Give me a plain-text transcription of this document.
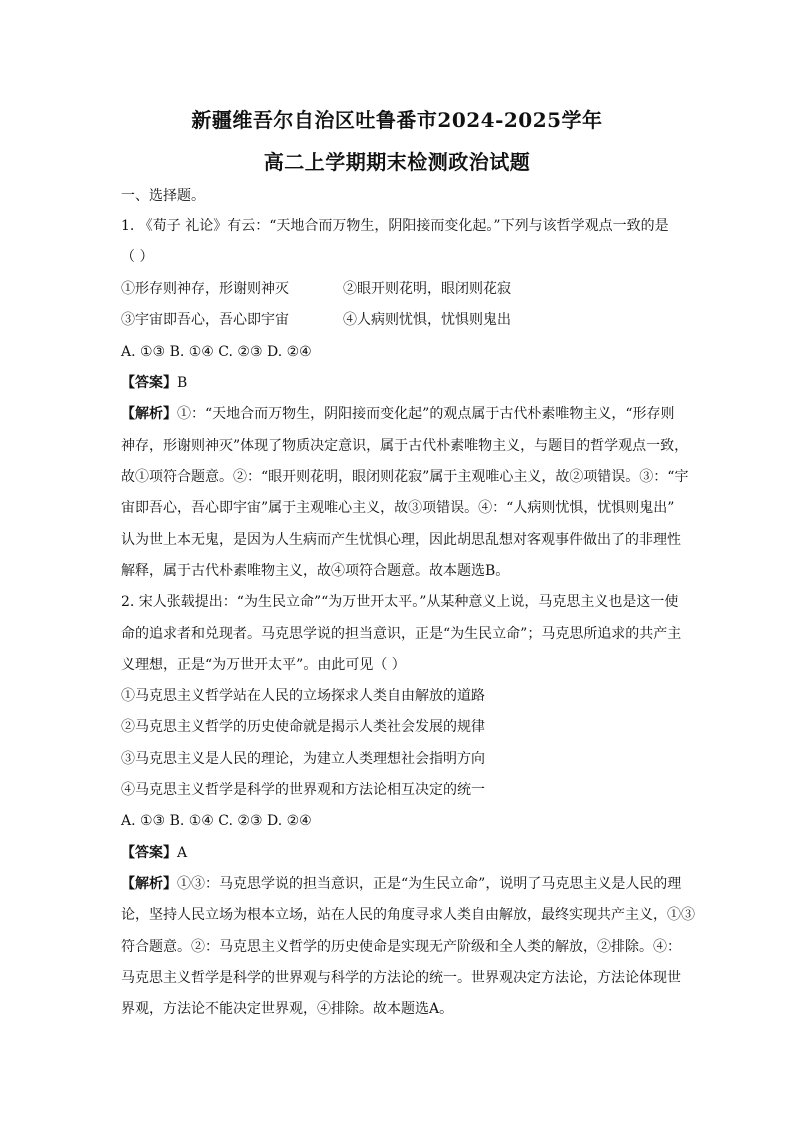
新疆维吾尔自治区吐鲁番市2024-2025学年
高二上学期期末检测政治试题
一、选择题。
1. 《荀子 礼论》有云：“天地合而万物生，阴阳接而变化起。”下列与该哲学观点一致的是
（ ）
①形存则神存，形谢则神灭	②眼开则花明，眼闭则花寂
③宇宙即吾心，吾心即宇宙	④人病则忧惧，忧惧则鬼出
A. ①③ B. ①④ C. ②③ D. ②④
【答案】B
【解析】①：“天地合而万物生，阴阳接而变化起”的观点属于古代朴素唯物主义，“形存则
神存，形谢则神灭”体现了物质决定意识，属于古代朴素唯物主义，与题目的哲学观点一致，
故①项符合题意。②：“眼开则花明，眼闭则花寂”属于主观唯心主义，故②项错误。③：“宇
宙即吾心，吾心即宇宙”属于主观唯心主义，故③项错误。④：“人病则忧惧，忧惧则鬼出”
认为世上本无鬼，是因为人生病而产生忧惧心理，因此胡思乱想对客观事件做出了的非理性
解释，属于古代朴素唯物主义，故④项符合题意。故本题选B。
2. 宋人张载提出：“为生民立命”“为万世开太平。”从某种意义上说，马克思主义也是这一使
命的追求者和兑现者。马克思学说的担当意识，正是“为生民立命”；马克思所追求的共产主
义理想，正是“为万世开太平”。由此可见（ ）
①马克思主义哲学站在人民的立场探求人类自由解放的道路
②马克思主义哲学的历史使命就是揭示人类社会发展的规律
③马克思主义是人民的理论，为建立人类理想社会指明方向
④马克思主义哲学是科学的世界观和方法论相互决定的统一
A. ①③ B. ①④ C. ②③ D. ②④
【答案】A
【解析】①③：马克思学说的担当意识，正是“为生民立命”，说明了马克思主义是人民的理
论，坚持人民立场为根本立场，站在人民的角度寻求人类自由解放，最终实现共产主义，①③
符合题意。②：马克思主义哲学的历史使命是实现无产阶级和全人类的解放，②排除。④：
马克思主义哲学是科学的世界观与科学的方法论的统一。世界观决定方法论，方法论体现世
界观，方法论不能决定世界观，④排除。故本题选A。
